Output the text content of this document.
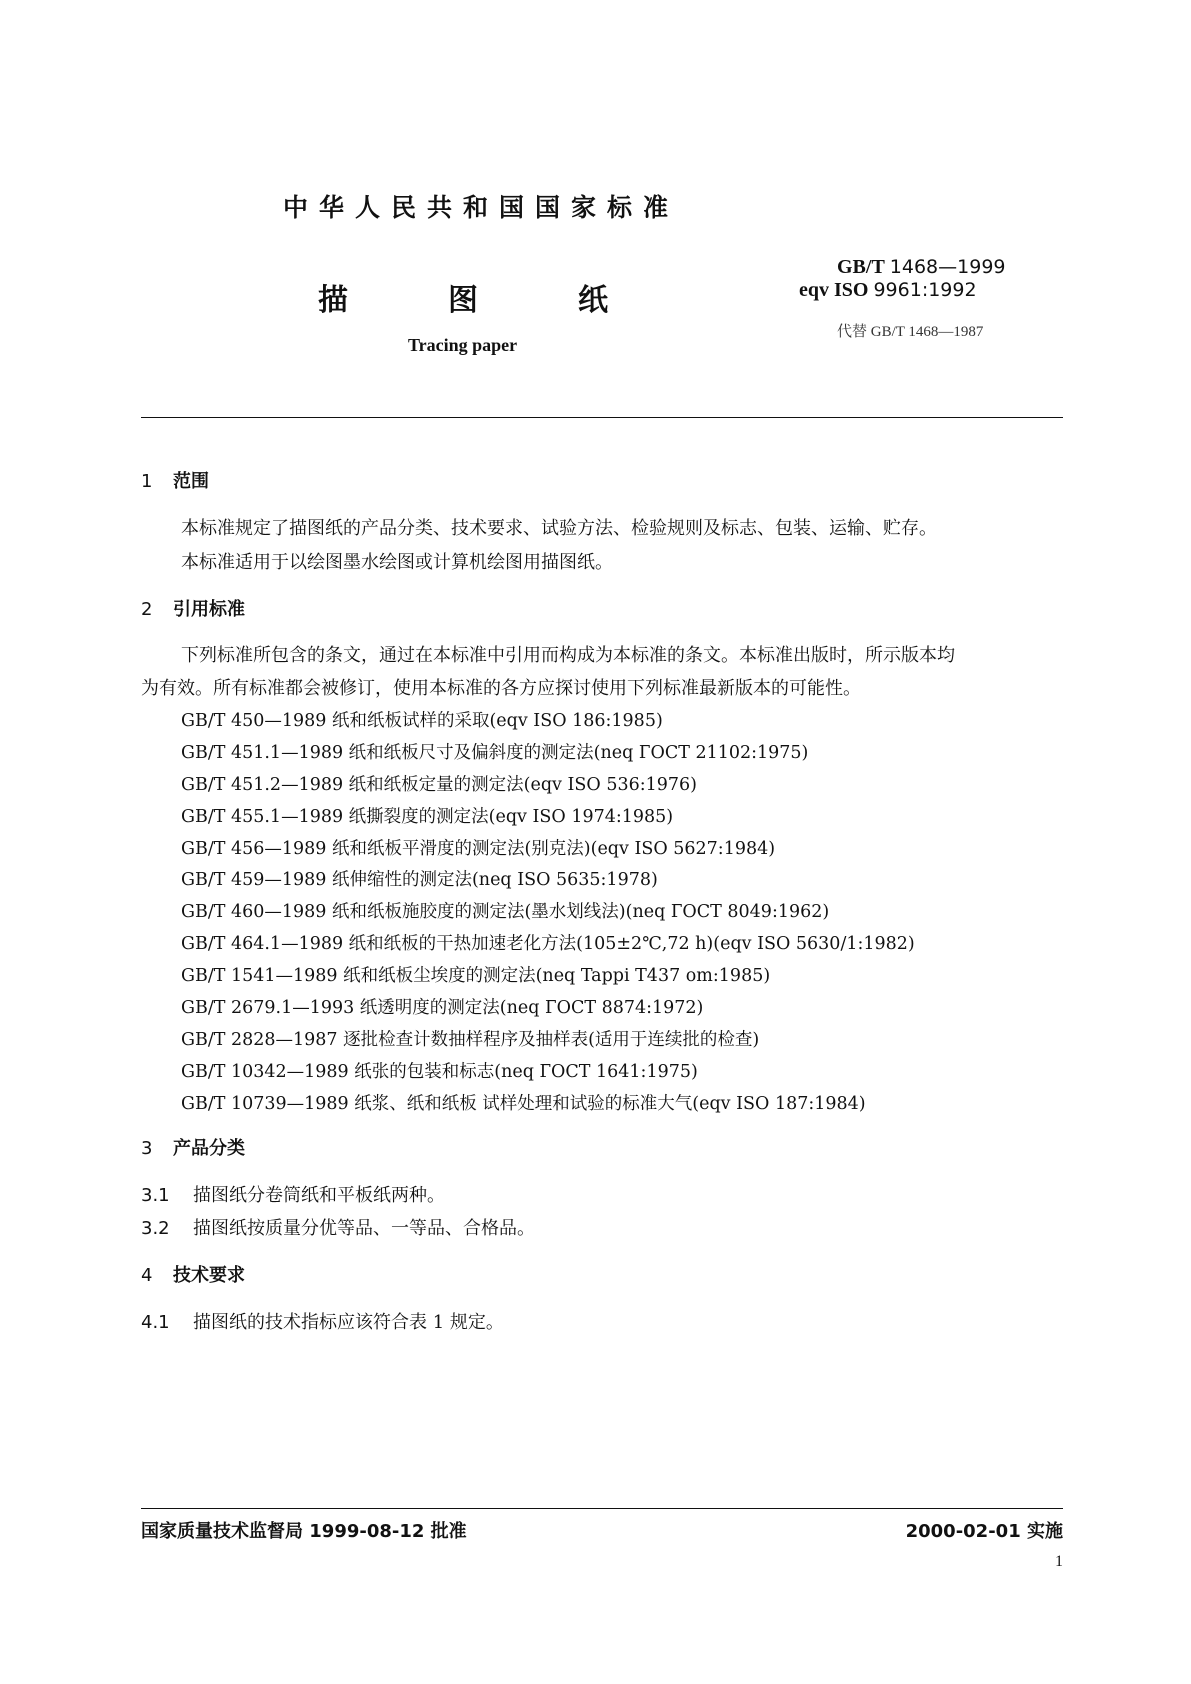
中华人民共和国国家标准
描	图	纸
Tracing paper
GB/T 1468—1999
eqv ISO 9961:1992
代替 GB/T 1468—1987
1 范围
本标准规定了描图纸的产品分类、技术要求、试验方法、检验规则及标志、包装、运输、贮存。
本标准适用于以绘图墨水绘图或计算机绘图用描图纸。
2 引用标准
下列标准所包含的条文，通过在本标准中引用而构成为本标准的条文。本标准出版时，所示版本均
为有效。所有标准都会被修订，使用本标准的各方应探讨使用下列标准最新版本的可能性。
GB/T 450—1989 纸和纸板试样的采取(eqv ISO 186:1985)
GB/T 451.1—1989 纸和纸板尺寸及偏斜度的测定法(neq ГОСТ 21102:1975)
GB/T 451.2—1989 纸和纸板定量的测定法(eqv ISO 536:1976)
GB/T 455.1—1989 纸撕裂度的测定法(eqv ISO 1974:1985)
GB/T 456—1989 纸和纸板平滑度的测定法(别克法)(eqv ISO 5627:1984)
GB/T 459—1989 纸伸缩性的测定法(neq ISO 5635:1978)
GB/T 460—1989 纸和纸板施胶度的测定法(墨水划线法)(neq ГОСТ 8049:1962)
GB/T 464.1—1989 纸和纸板的干热加速老化方法(105±2℃,72 h)(eqv ISO 5630/1:1982)
GB/T 1541—1989 纸和纸板尘埃度的测定法(neq Tappi T437 om:1985)
GB/T 2679.1—1993 纸透明度的测定法(neq ГОСТ 8874:1972)
GB/T 2828—1987 逐批检查计数抽样程序及抽样表(适用于连续批的检查)
GB/T 10342—1989 纸张的包装和标志(neq ГОСТ 1641:1975)
GB/T 10739—1989 纸浆、纸和纸板 试样处理和试验的标准大气(eqv ISO 187:1984)
3 产品分类
3.1 描图纸分卷筒纸和平板纸两种。
3.2 描图纸按质量分优等品、一等品、合格品。
4 技术要求
4.1 描图纸的技术指标应该符合表 1 规定。
国家质量技术监督局 1999-08-12 批准	2000-02-01 实施
1
